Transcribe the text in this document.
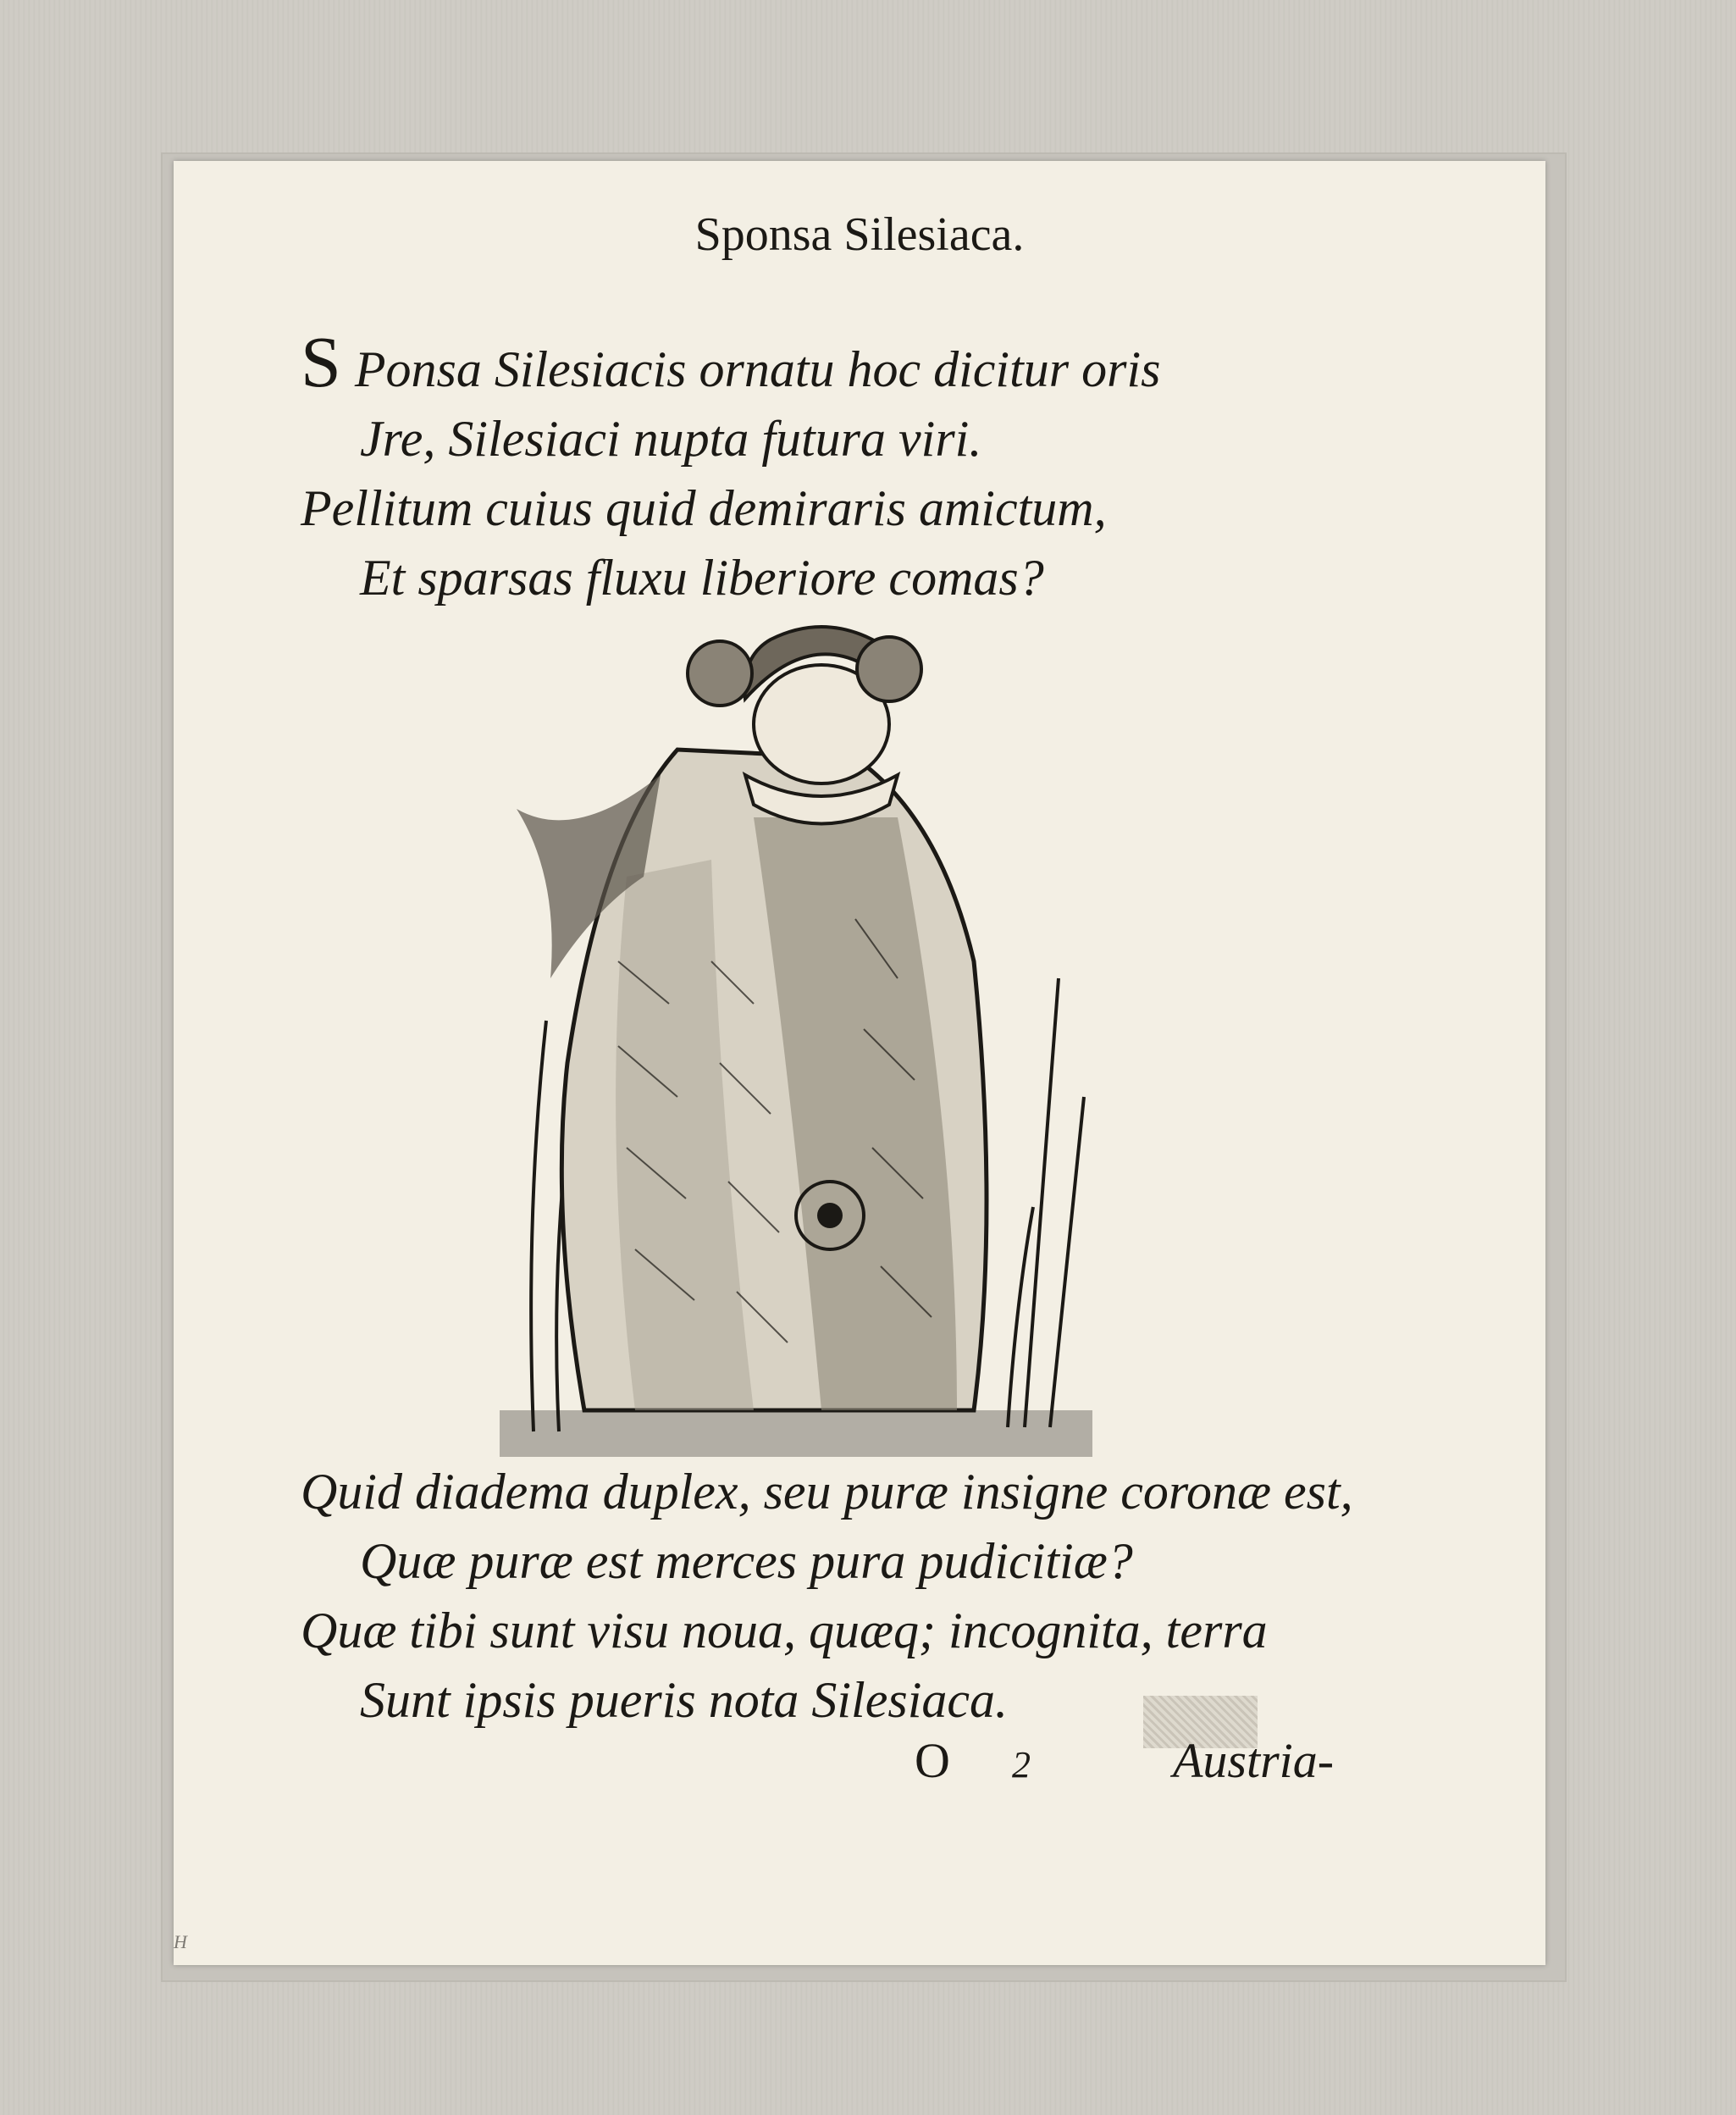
Sponsa Silesiaca.
S Ponsa Silesiacis ornatu hoc dicitur oris
Jre, Silesiaci nupta futura viri.
Pellitum cuius quid demiraris amictum,
Et sparsas fluxu liberiore comas?
Quid diadema duplex, seu puræ insigne coronæ est,
Quæ puræ est merces pura pudicitiæ?
Quæ tibi sunt visu noua, quæq; incognita, terra
Sunt ipsis pueris nota Silesiaca.
O 2	Austria-
H
